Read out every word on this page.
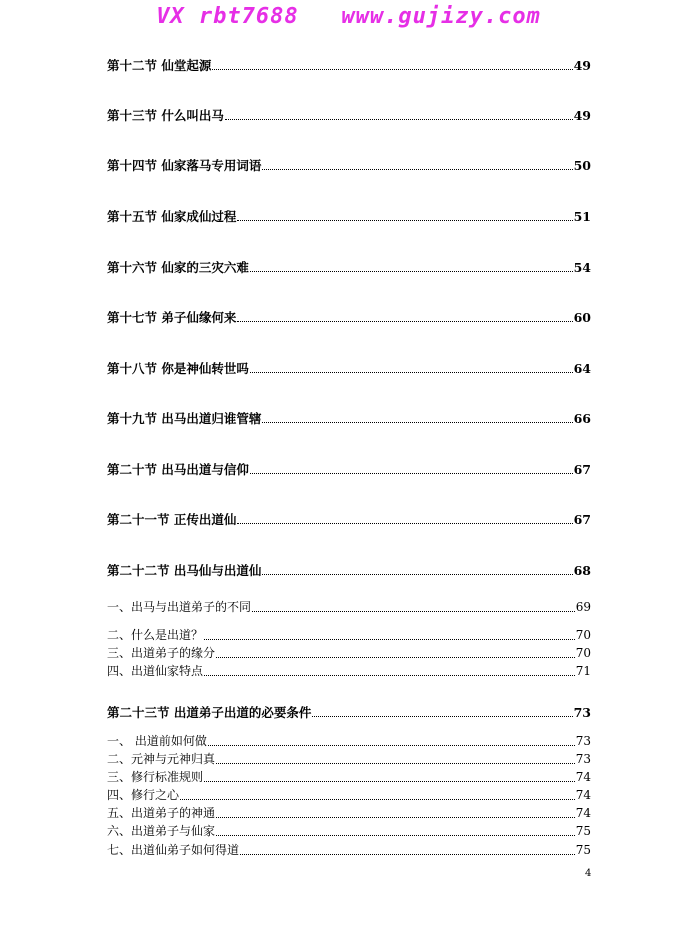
VX rbt7688   www.gujizy.com
第十二节 仙堂起源	49
第十三节 什么叫出马	49
第十四节 仙家落马专用词语	50
第十五节 仙家成仙过程	51
第十六节 仙家的三灾六难	54
第十七节 弟子仙缘何来	60
第十八节 你是神仙转世吗	64
第十九节 出马出道归谁管辖	66
第二十节 出马出道与信仰	67
第二十一节 正传出道仙	67
第二十二节 出马仙与出道仙	68
一、出马与出道弟子的不同	69
二、什么是出道？	70
三、出道弟子的缘分	70
四、出道仙家特点	71
第二十三节 出道弟子出道的必要条件	73
一、 出道前如何做	73
二、元神与元神归真	73
三、修行标准规则	74
四、修行之心	74
五、出道弟子的神通	74
六、出道弟子与仙家	75
七、出道仙弟子如何得道	75
4
